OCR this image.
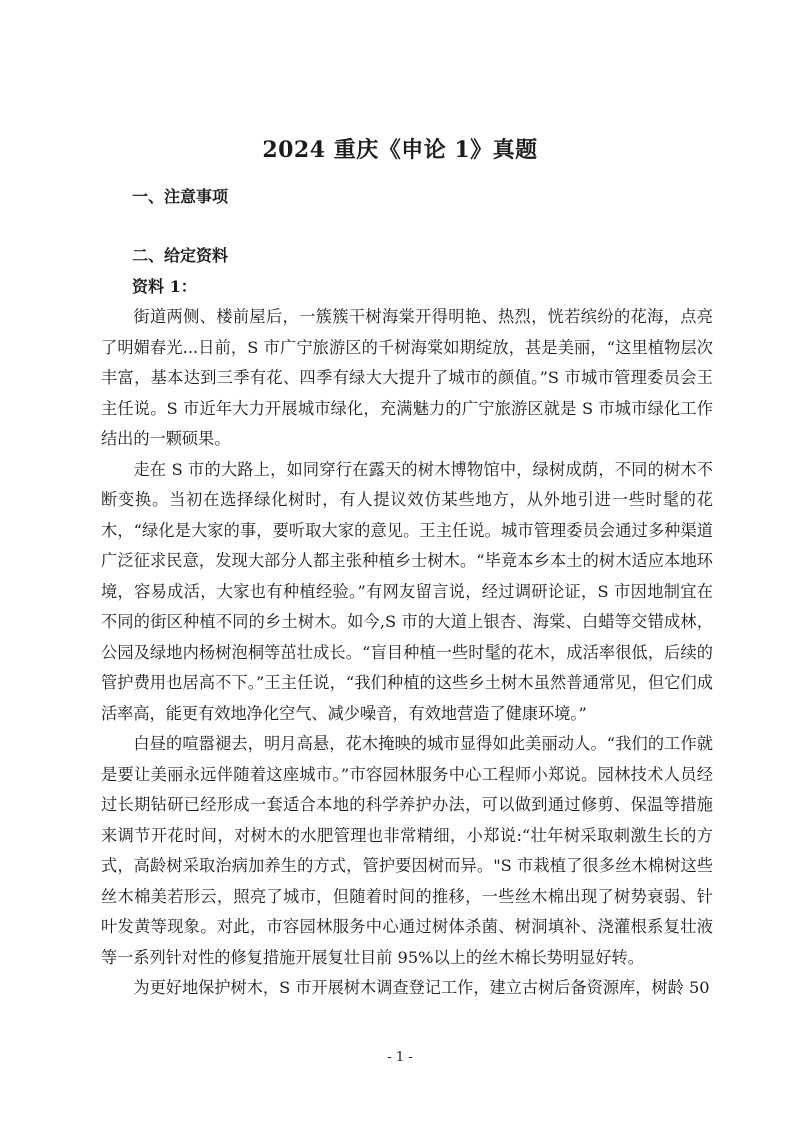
2024 重庆《申论 1》真题
一、注意事项
二、给定资料
资料 1：

街道两侧、楼前屋后，一簇簇干树海棠开得明艳、热烈，恍若缤纷的花海，点亮了明媚春光...日前，S 市广宁旅游区的千树海棠如期绽放，甚是美丽，“这里植物层次丰富，基本达到三季有花、四季有绿大大提升了城市的颜值。”S 市城市管理委员会王主任说。S 市近年大力开展城市绿化，充满魅力的广宁旅游区就是 S 市城市绿化工作结出的一颗硕果。

走在 S 市的大路上，如同穿行在露天的树木博物馆中，绿树成荫，不同的树木不断变换。当初在选择绿化树时，有人提议效仿某些地方，从外地引进一些时髦的花木，“绿化是大家的事，要听取大家的意见。王主任说。城市管理委员会通过多种渠道广泛征求民意，发现大部分人都主张种植乡士树木。“毕竟本乡本土的树木适应本地环境，容易成活，大家也有种植经验。”有网友留言说，经过调研论证，S 市因地制宜在不同的街区种植不同的乡土树木。如今,S 市的大道上银杏、海棠、白蜡等交错成林，公园及绿地内杨树泡桐等茁壮成长。“盲目种植一些时髦的花木，成活率很低，后续的管护费用也居高不下。”王主任说，“我们种植的这些乡土树木虽然普通常见，但它们成活率高，能更有效地净化空气、减少噪音，有效地营造了健康环境。”

白昼的喧嚣褪去，明月高悬，花木掩映的城市显得如此美丽动人。“我们的工作就是要让美丽永远伴随着这座城市。”市容园林服务中心工程师小郑说。园林技术人员经过长期钻研已经形成一套适合本地的科学养护办法，可以做到通过修剪、保温等措施来调节开花时间，对树木的水肥管理也非常精细，小郑说:“壮年树采取刺激生长的方式，高龄树采取治病加养生的方式，管护要因树而异。"S 市栽植了很多丝木棉树这些丝木棉美若形云，照亮了城市，但随着时间的推移，一些丝木棉出现了树势衰弱、针叶发黄等现象。对此，市容园林服务中心通过树体杀菌、树洞填补、浇灌根系复壮液等一系列针对性的修复措施开展复壮目前 95%以上的丝木棉长势明显好转。

为更好地保护树木，S 市开展树木调查登记工作，建立古树后备资源库，树龄 50

- 1 -
